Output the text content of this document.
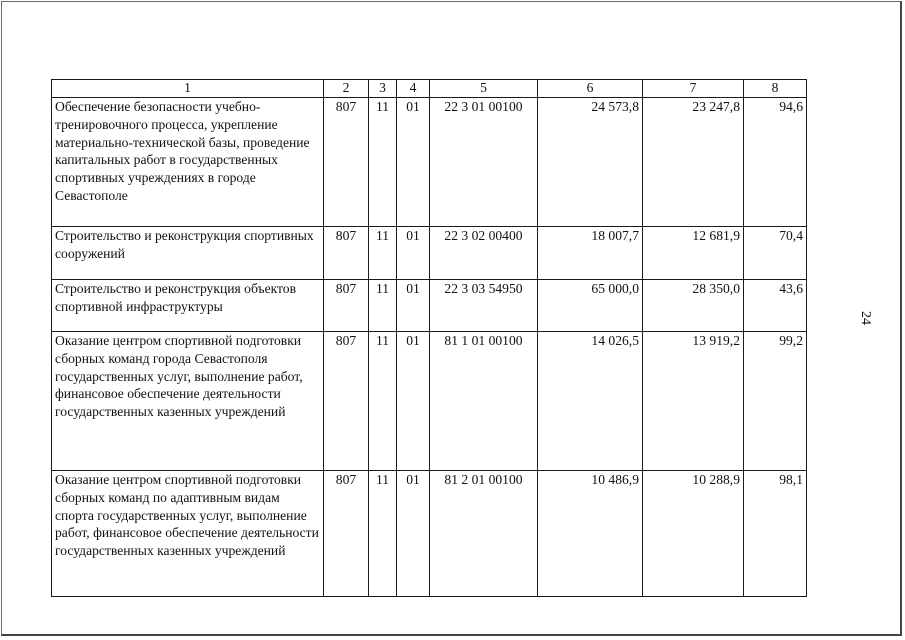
1	2	3	4	5	6	7	8
Обеспечение безопасности учебно-тренировочного процесса, укрепление материально-технической базы, проведение капитальных работ в государственных спортивных учреждениях в городе Севастополе	807	11	01	22 3 01 00100	24 573,8	23 247,8	94,6
Строительство и реконструкция спортивных сооружений	807	11	01	22 3 02 00400	18 007,7	12 681,9	70,4
Строительство и реконструкция объектов спортивной инфраструктуры	807	11	01	22 3 03 54950	65 000,0	28 350,0	43,6
Оказание центром спортивной подготовки сборных команд города Севастополя государственных услуг, выполнение работ, финансовое обеспечение деятельности государственных казенных учреждений	807	11	01	81 1 01 00100	14 026,5	13 919,2	99,2
Оказание центром спортивной подготовки сборных команд по адаптивным видам спорта государственных услуг, выполнение работ, финансовое обеспечение деятельности государственных казенных учреждений	807	11	01	81 2 01 00100	10 486,9	10 288,9	98,1
24
